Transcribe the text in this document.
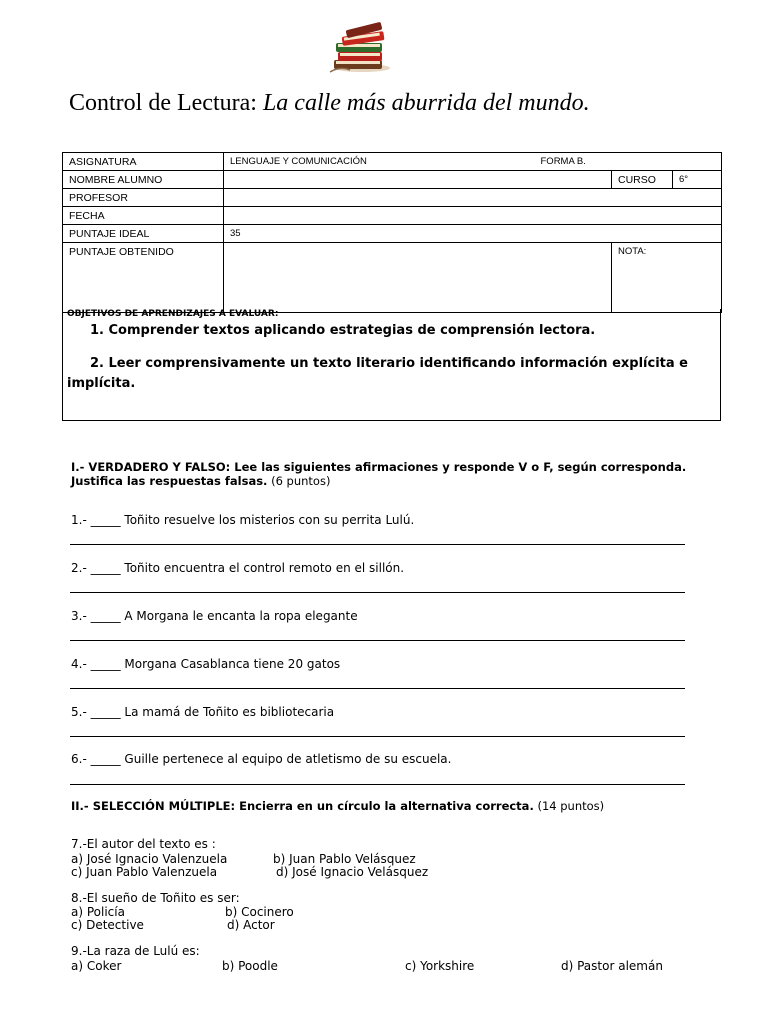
Control de Lectura: La calle más aburrida del mundo.
ASIGNATURA	LENGUAJE Y COMUNICACIÓN FORMA B.		

NOMBRE ALUMNO		CURSO	6°
PROFESOR			
FECHA			
PUNTAJE IDEAL	35		
PUNTAJE OBTENIDO		NOTA:	
OBJETIVOS DE APRENDIZAJES A EVALUAR:
1. Comprender textos aplicando estrategias de comprensión lectora.
2. Leer comprensivamente un texto literario identificando información explícita e implícita.
I.- VERDADERO Y FALSO: Lee las siguientes afirmaciones y responde V o F, según corresponda. Justifica las respuestas falsas. (6 puntos)
1.- _____ Toñito resuelve los misterios con su perrita Lulú.
2.- _____ Toñito encuentra el control remoto en el sillón.
3.- _____ A Morgana le encanta la ropa elegante
4.- _____ Morgana Casablanca tiene 20 gatos
5.- _____ La mamá de Toñito es bibliotecaria
6.- _____ Guille pertenece al equipo de atletismo de su escuela.
II.- SELECCIÓN MÚLTIPLE: Encierra en un círculo la alternativa correcta. (14 puntos)
7.-El autor del texto es :
a) José Ignacio Valenzuela	b) Juan Pablo Velásquez
c) Juan Pablo Valenzuela	d) José Ignacio Velásquez
8.-El sueño de Toñito es ser:
a) Policía	b) Cocinero
c) Detective	d) Actor
9.-La raza de Lulú es:
a) Coker	b) Poodle	c) Yorkshire	d) Pastor alemán
